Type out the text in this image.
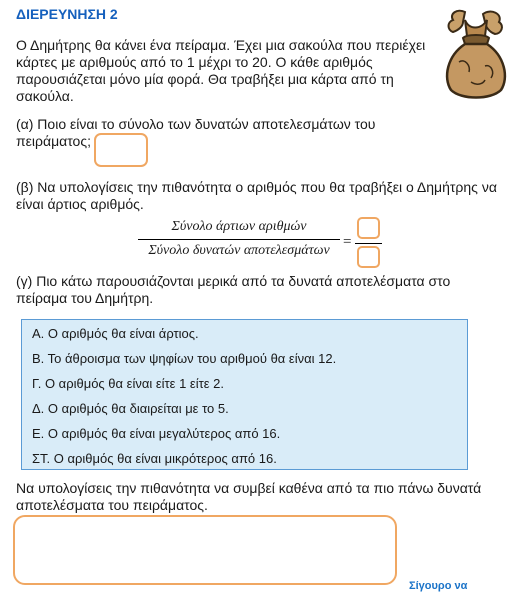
ΔΙΕΡΕΥΝΗΣΗ 2
Ο Δημήτρης θα κάνει ένα πείραμα. Έχει μια σακούλα που περιέχει
κάρτες με αριθμούς από το 1 μέχρι το 20. Ο κάθε αριθμός
παρουσιάζεται μόνο μία φορά. Θα τραβήξει μια κάρτα από τη
σακούλα.
(α) Ποιο είναι το σύνολο των δυνατών αποτελεσμάτων του
πειράματος;
(β) Να υπολογίσεις την πιθανότητα ο αριθμός που θα τραβήξει ο Δημήτρης να
είναι άρτιος αριθμός.
Σύνολο άρτιων αριθμών
Σύνολο δυνατών αποτελεσμάτων
=
(γ) Πιο κάτω παρουσιάζονται μερικά από τα δυνατά αποτελέσματα στο
πείραμα του Δημήτρη.
Α. Ο αριθμός θα είναι άρτιος.
Β. Το άθροισμα των ψηφίων του αριθμού θα είναι 12.
Γ. Ο αριθμός θα είναι είτε 1 είτε 2.
Δ. Ο αριθμός θα διαιρείται με το 5.
Ε. Ο αριθμός θα είναι μεγαλύτερος από 16.
ΣΤ. Ο αριθμός θα είναι μικρότερος από 16.
Να υπολογίσεις την πιθανότητα να συμβεί καθένα από τα πιο πάνω δυνατά
αποτελέσματα του πειράματος.
Σίγουρο να
